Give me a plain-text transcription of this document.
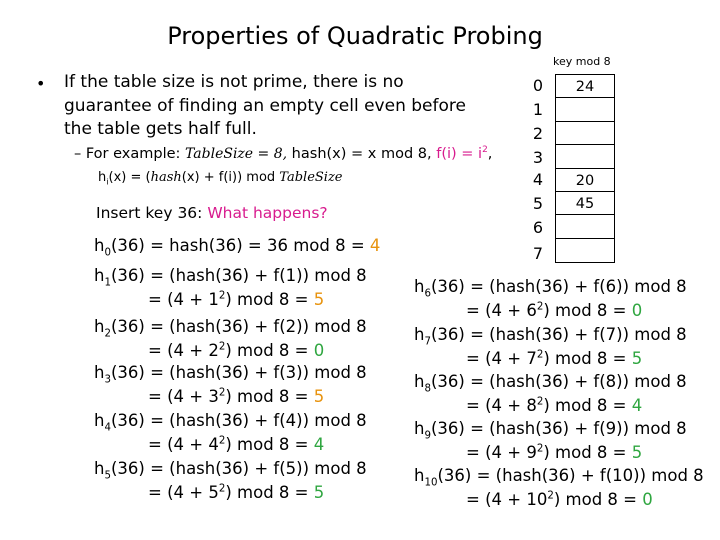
Properties of Quadratic Probing
• If the table size is not prime, there is no guarantee of finding an empty cell even before the table gets half full.
– For example: TableSize = 8, hash(x) = x mod 8, $f(i) = i^2$,
$h_i(x)$ = (hash(x) + f(i)) mod TableSize
Insert key 36: What happens?
key mod 8
0
1
2
3
4
5
6
7
24
20
45
$h_0(36)$ = hash(36) = 36 mod 8 = 4
$h_1(36)$ = (hash(36) + f(1)) mod 8
= $(4 + 1^2)$ mod 8 = 5
$h_2(36)$ = (hash(36) + f(2)) mod 8
= $(4 + 2^2)$ mod 8 = 0
$h_3(36)$ = (hash(36) + f(3)) mod 8
= $(4 + 3^2)$ mod 8 = 5
$h_4(36)$ = (hash(36) + f(4)) mod 8
= $(4 + 4^2)$ mod 8 = 4
$h_5(36)$ = (hash(36) + f(5)) mod 8
= $(4 + 5^2)$ mod 8 = 5
$h_6(36)$ = (hash(36) + f(6)) mod 8
= $(4 + 6^2)$ mod 8 = 0
$h_7(36)$ = (hash(36) + f(7)) mod 8
= $(4 + 7^2)$ mod 8 = 5
$h_8(36)$ = (hash(36) + f(8)) mod 8
= $(4 + 8^2)$ mod 8 = 4
$h_9(36)$ = (hash(36) + f(9)) mod 8
= $(4 + 9^2)$ mod 8 = 5
$h_{10}(36)$ = (hash(36) + f(10)) mod 8
= $(4 + 10^2)$ mod 8 = 0
